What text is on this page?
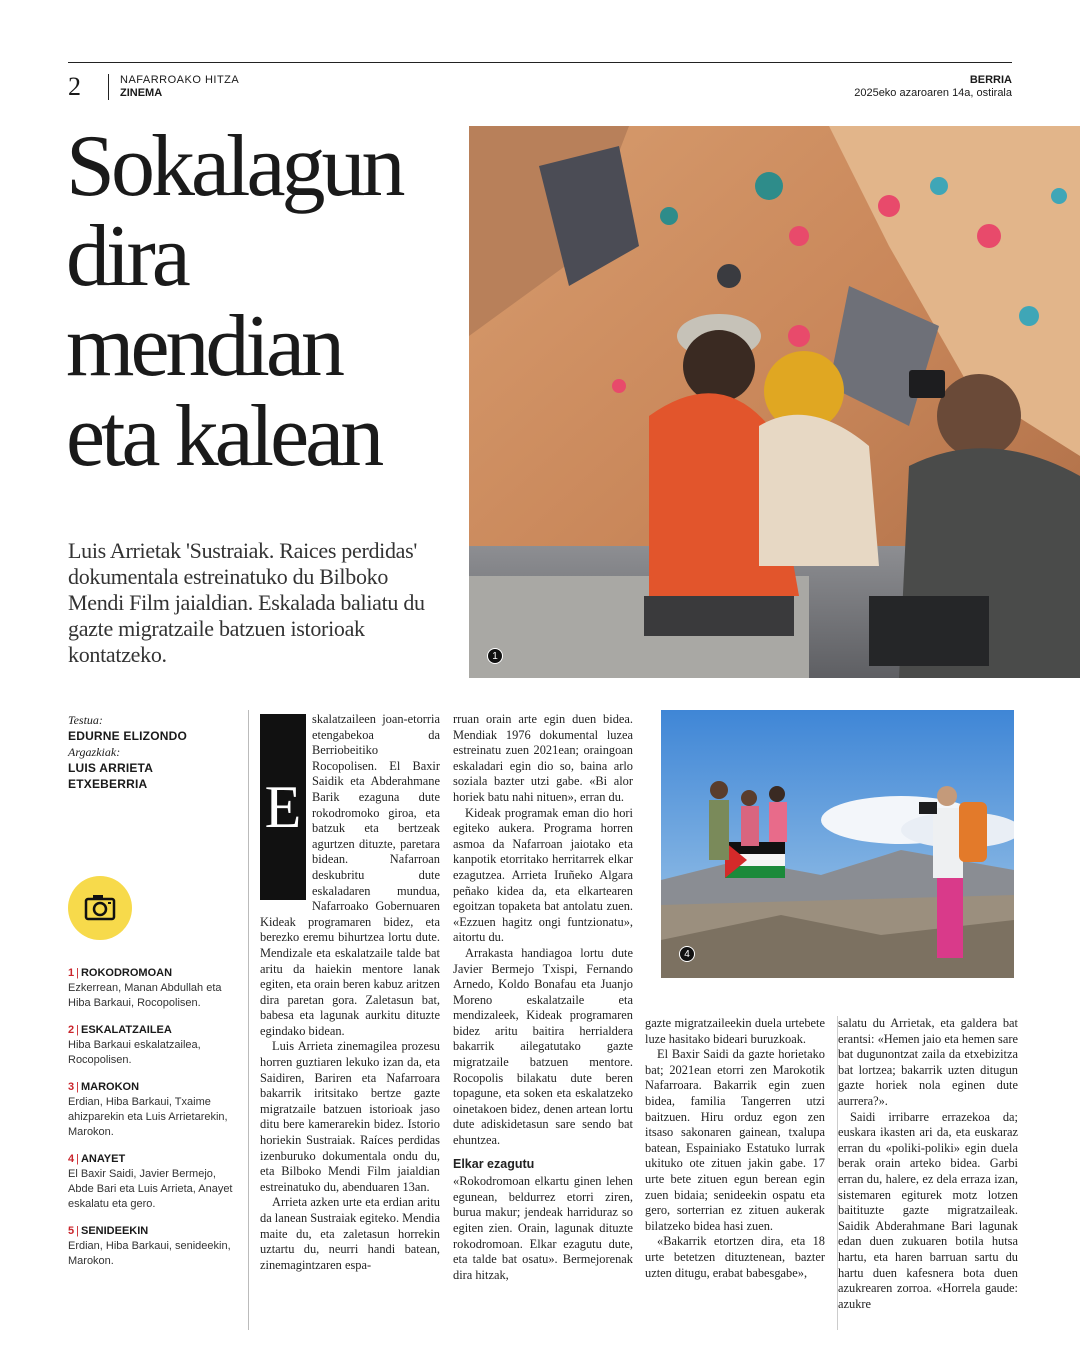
2	NAFARROAKO HITZA
ZINEMA
BERRIA
2025eko azaroaren 14a, ostirala
Sokalagun
dira
mendian
eta kalean
Luis Arrietak 'Sustraiak. Raices perdidas' dokumentala estreinatuko du Bilboko Mendi Film jaialdian. Eskalada baliatu du gazte migratzaile batzuen istorioak kontatzeko.	1
Testua:
EDURNE ELIZONDO
Argazkiak:
LUIS ARRIETA
ETXEBERRIA
1 | ROKODROMOAN
Ezkerrean, Manan Abdullah eta Hiba Barkaui, Rocopolisen.
2 | ESKALATZAILEA
Hiba Barkaui eskalatzailea, Rocopolisen.
3 | MAROKON
Erdian, Hiba Barkaui, Txaime ahizparekin eta Luis Arrietarekin, Marokon.
4 | ANAYET
El Baxir Saidi, Javier Bermejo, Abde Bari eta Luis Arrieta, Anayet eskalatu eta gero.
5 | SENIDEEKIN
Erdian, Hiba Barkaui, senideekin, Marokon.
E

skalatzaileen joan-etorria etengabekoa da Berriobeitiko Rocopolisen. El Baxir Saidik eta Abderahmane Barik ezaguna dute rokodromoko giroa, eta batzuk eta bertzeak agurtzen dituzte, paretara bidean. Nafarroan deskubritu dute eskaladaren mundua, Nafarroako Gobernuaren Kideak programaren bidez, eta berezko eremu bihurtzea lortu dute. Mendizale eta eskalatzaile talde bat aritu da haiekin mentore lanak egiten, eta orain beren kabuz aritzen dira paretan gora. Zaletasun bat, babesa eta lagunak aurkitu dituzte egindako bidean.

Luis Arrieta zinemagilea prozesu horren guztiaren lekuko izan da, eta Saidiren, Bariren eta Nafarroara bakarrik iritsitako bertze gazte migratzaile batzuen istorioak jaso ditu bere kamerarekin bidez. Istorio horiekin Sustraiak. Raíces perdidas izenburuko dokumentala ondu du, eta Bilboko Mendi Film jaialdian estreinatuko du, abenduaren 13an.

Arrieta azken urte eta erdian aritu da lanean Sustraiak egiteko. Mendia maite du, eta zaletasun horrekin uztartu du, neurri handi batean, zinemagintzaren espa-

rruan orain arte egin duen bidea. Mendiak 1976 dokumental luzea estreinatu zuen 2021ean; oraingoan eskaladari egin dio so, baina arlo soziala bazter utzi gabe. «Bi alor horiek batu nahi nituen», erran du.

Kideak programak eman dio hori egiteko aukera. Programa horren asmoa da Nafarroan jaiotako eta kanpotik etorritako herritarrek elkar ezagutzea. Arrieta Iruñeko Algara peñako kidea da, eta elkartearen egoitzan topaketa bat antolatu zuen. «Ezzuen hagitz ongi funtzionatu», aitortu du.

Arrakasta handiagoa lortu dute Javier Bermejo Txispi, Fernando Arnedo, Koldo Bonafau eta Juanjo Moreno eskalatzaile eta mendizaleek, Kideak programaren bidez aritu baitira herrialdera bakarrik ailegatutako gazte migratzaile batzuen mentore. Rocopolis bilakatu dute beren topagune, eta soken eta eskalatzeko oinetakoen bidez, denen artean lortu dute adiskidetasun sare sendo bat ehuntzea.

Elkar ezagutu

«Rokodromoan elkartu ginen lehen egunean, beldurrez etorri ziren, burua makur; jendeak harriduraz so egiten zien. Orain, lagunak dituzte rokodromoan. Elkar ezagutu dute, eta talde bat osatu». Bermejorenak dira hitzak,

4

gazte migratzaileekin duela urtebete luze hasitako bideari buruzkoak.

El Baxir Saidi da gazte horietako bat; 2021ean etorri zen Marokotik Nafarroara. Bakarrik egin zuen bidea, familia Tangerren utzi baitzuen. Hiru orduz egon zen itsaso sakonaren gainean, txalupa batean, Espainiako Estatuko lurrak ukituko ote zituen jakin gabe. 17 urte bete zituen egun berean egin zuen bidaia; senideekin ospatu eta gero, sorterrian ez zituen aukerak bilatzeko bidea hasi zuen.

«Bakarrik etortzen dira, eta 18 urte betetzen dituztenean, bazter uzten ditugu, erabat babesgabe»,

salatu du Arrietak, eta galdera bat erantsi: «Hemen jaio eta hemen sare bat dugunontzat zaila da etxebizitza bat lortzea; bakarrik uzten ditugun gazte horiek nola eginen dute aurrera?».

Saidi irribarre errazekoa da; euskara ikasten ari da, eta euskaraz erran du «poliki-poliki» egin duela berak orain arteko bidea. Garbi erran du, halere, ez dela erraza izan, sistemaren egiturek motz lotzen baitituzte gazte migratzaileak. Saidik Abderahmane Bari lagunak edan duen zukuaren botila hutsa hartu, eta haren barruan sartu du hartu duen kafesnera bota duen azukrearen zorroa. «Horrela gaude: azukre
